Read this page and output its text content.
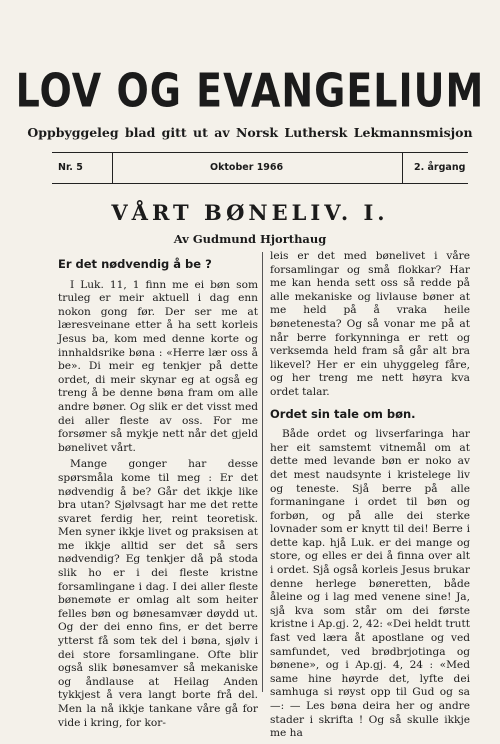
LOV OG EVANGELIUM
Oppbyggeleg blad gitt ut av Norsk Luthersk Lekmannsmisjon
Nr. 5	Oktober 1966	2. årgang
VÅRT BØNELIV. I.
Av Gudmund Hjorthaug
Er det nødvendig å be ?

I Luk. 11, 1 finn me ei bøn som truleg er meir aktuell i dag enn nokon gong før. Der ser me at læresveinane etter å ha sett korleis Jesus ba, kom med denne korte og innhaldsrike bøna : «Herre lær oss å be». Di meir eg tenkjer på dette ordet, di meir skynar eg at også eg treng å be denne bøna fram om alle andre bøner. Og slik er det visst med dei aller fleste av oss. For me forsømer så mykje nett når det gjeld bønelivet vårt.

Mange gonger har desse spørsmåla kome til meg : Er det nødvendig å be? Går det ikkje like bra utan? Sjølvsagt har me det rette svaret ferdig her, reint teoretisk. Men syner ikkje livet og praksisen at me ikkje alltid ser det så sers nødvendig? Eg tenkjer då på stoda slik ho er i dei fleste kristne forsamlingane i dag. I dei aller fleste bønemøte er omlag alt som heiter felles bøn og bønesamvær døydd ut. Og der dei enno fins, er det berre ytterst få som tek del i bøna, sjølv i dei store forsamlingane. Ofte blir også slik bønesamver så mekaniske og åndlause at Heilag Anden tykkjest å vera langt borte frå del. Men la nå ikkje tankane våre gå for vide i kring, for kor-

leis er det med bønelivet i våre forsamlingar og små flokkar? Har me kan henda sett oss så redde på alle mekaniske og livlause bøner at me held på å vraka heile bønetenesta? Og så vonar me på at når berre forkynninga er rett og verksemda held fram så går alt bra likevel? Her er ein uhyggeleg fåre, og her treng me nett høyra kva ordet talar.

Ordet sin tale om bøn.

Både ordet og livserfaringa har her eit samstemt vitnemål om at dette med levande bøn er noko av det mest naudsynte i kristelege liv og teneste. Sjå berre på alle formaningane i ordet til bøn og forbøn, og på alle dei sterke lovnader som er knytt til dei! Berre i dette kap. hjå Luk. er dei mange og store, og elles er dei å finna over alt i ordet. Sjå også korleis Jesus brukar denne herlege bøneretten, både åleine og i lag med venene sine! Ja, sjå kva som står om dei første kristne i Ap.gj. 2, 42: «Dei heldt trutt fast ved læra åt apostlane og ved samfundet, ved brødbrjotinga og bønene», og i Ap.gj. 4, 24 : «Med same hine høyrde det, lyfte dei samhuga si røyst opp til Gud og sa —: — Les bøna deira her og andre stader i skrifta ! Og så skulle ikkje me ha
